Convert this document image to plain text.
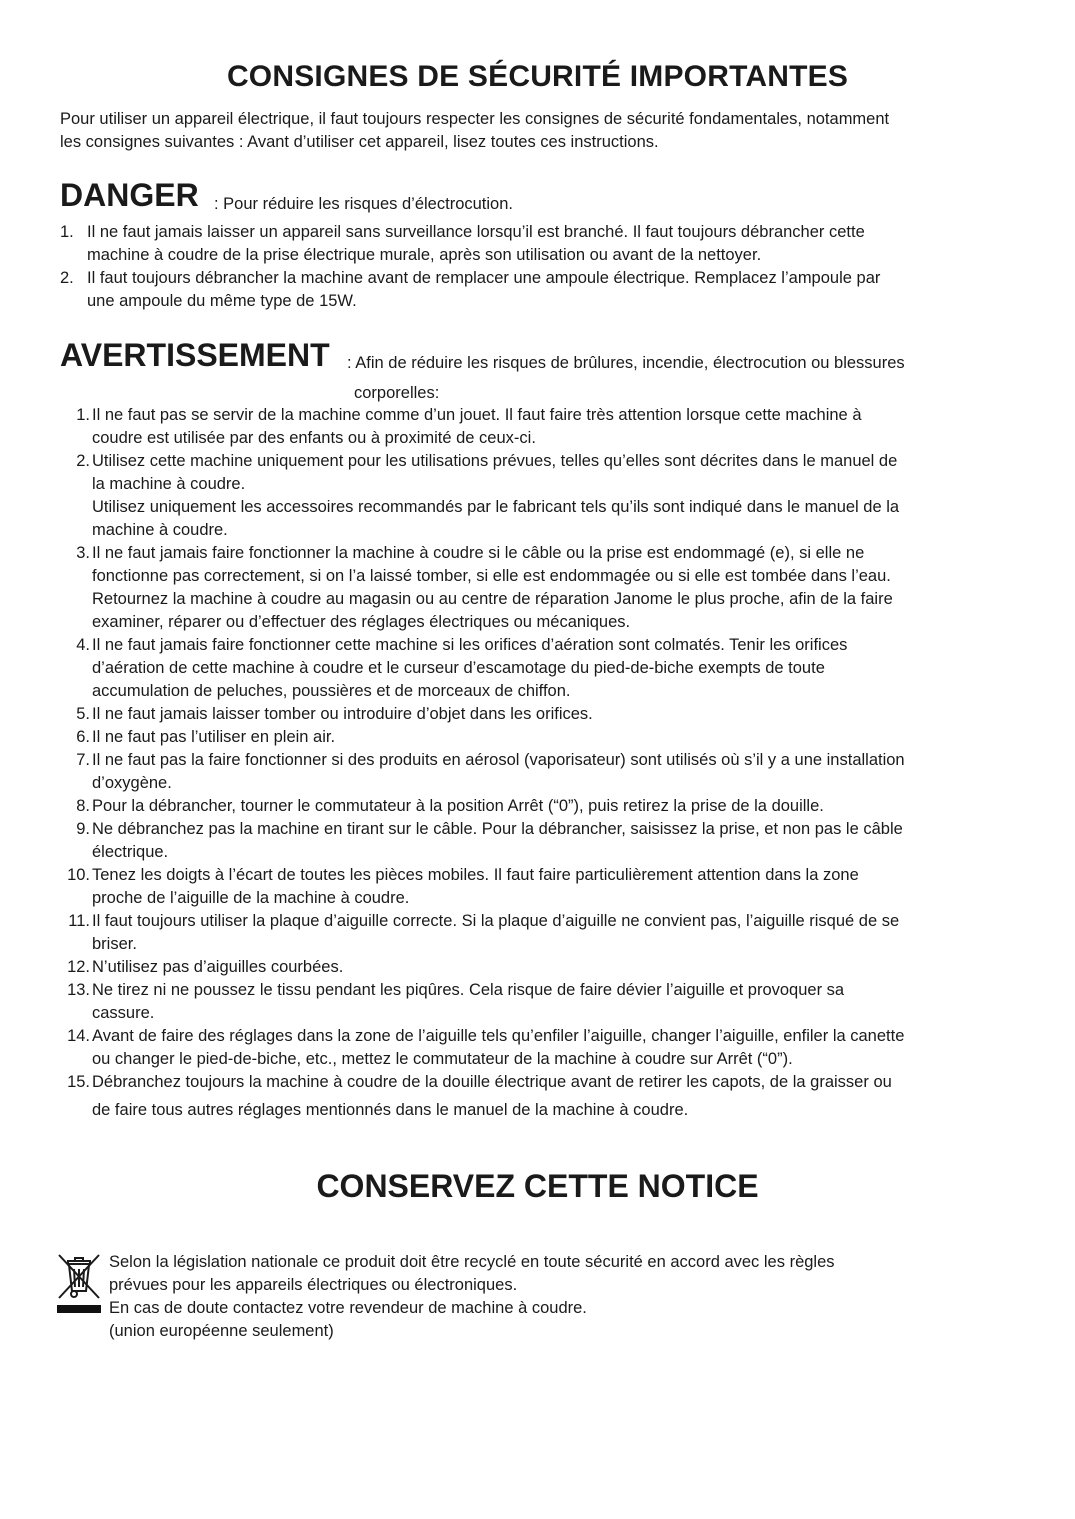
CONSIGNES DE SÉCURITÉ IMPORTANTES
Pour utiliser un appareil électrique, il faut toujours respecter les consignes de sécurité fondamentales, notamment
les consignes suivantes : Avant d’utiliser cet appareil, lisez toutes ces instructions.
DANGER : Pour réduire les risques d’électrocution.
1. Il ne faut jamais laisser un appareil sans surveillance lorsqu’il est branché. Il faut toujours débrancher cette
machine à coudre de la prise électrique murale, après son utilisation ou avant de la nettoyer.
2. Il faut toujours débrancher la machine avant de remplacer une ampoule électrique. Remplacez l’ampoule par
une ampoule du même type de 15W.
AVERTISSEMENT : Afin de réduire les risques de brûlures, incendie, électrocution ou blessures
corporelles:
1. Il ne faut pas se servir de la machine comme d’un jouet. Il faut faire très attention lorsque cette machine à
coudre est utilisée par des enfants ou à proximité de ceux-ci.
2. Utilisez cette machine uniquement pour les utilisations prévues, telles qu’elles sont décrites dans le manuel de
la machine à coudre.
Utilisez uniquement les accessoires recommandés par le fabricant tels qu’ils sont indiqué dans le manuel de la
machine à coudre.
3. Il ne faut jamais faire fonctionner la machine à coudre si le câble ou la prise est endommagé (e), si elle ne
fonctionne pas correctement, si on l’a laissé tomber, si elle est endommagée ou si elle est tombée dans l’eau.
Retournez la machine à coudre au magasin ou au centre de réparation Janome le plus proche, afin de la faire
examiner, réparer ou d’effectuer des réglages électriques ou mécaniques.
4. Il ne faut jamais faire fonctionner cette machine si les orifices d’aération sont colmatés. Tenir les orifices
d’aération de cette machine à coudre et le curseur d’escamotage du pied-de-biche exempts de toute
accumulation de peluches, poussières et de morceaux de chiffon.
5. Il ne faut jamais laisser tomber ou introduire d’objet dans les orifices.
6. Il ne faut pas l’utiliser en plein air.
7. Il ne faut pas la faire fonctionner si des produits en aérosol (vaporisateur) sont utilisés où s’il y a une installation
d’oxygène.
8. Pour la débrancher, tourner le commutateur à la position Arrêt (“0”), puis retirez la prise de la douille.
9. Ne débranchez pas la machine en tirant sur le câble. Pour la débrancher, saisissez la prise, et non pas le câble
électrique.
10. Tenez les doigts à l’écart de toutes les pièces mobiles. Il faut faire particulièrement attention dans la zone
proche de l’aiguille de la machine à coudre.
11. Il faut toujours utiliser la plaque d’aiguille correcte. Si la plaque d’aiguille ne convient pas, l’aiguille risqué de se
briser.
12. N’utilisez pas d’aiguilles courbées.
13. Ne tirez ni ne poussez le tissu pendant les piqûres. Cela risque de faire dévier l’aiguille et provoquer sa
cassure.
14. Avant de faire des réglages dans la zone de l’aiguille tels qu’enfiler l’aiguille, changer l’aiguille, enfiler la canette
ou changer le pied-de-biche, etc., mettez le commutateur de la machine à coudre sur Arrêt (“0”).
15. Débranchez toujours la machine à coudre de la douille électrique avant de retirer les capots, de la graisser ou
de faire tous autres réglages mentionnés dans le manuel de la machine à coudre.
CONSERVEZ CETTE NOTICE
Selon la législation nationale ce produit doit être recyclé en toute sécurité en accord avec les règles
prévues pour les appareils électriques ou électroniques.
En cas de doute contactez votre revendeur de machine à coudre.
(union européenne seulement)
